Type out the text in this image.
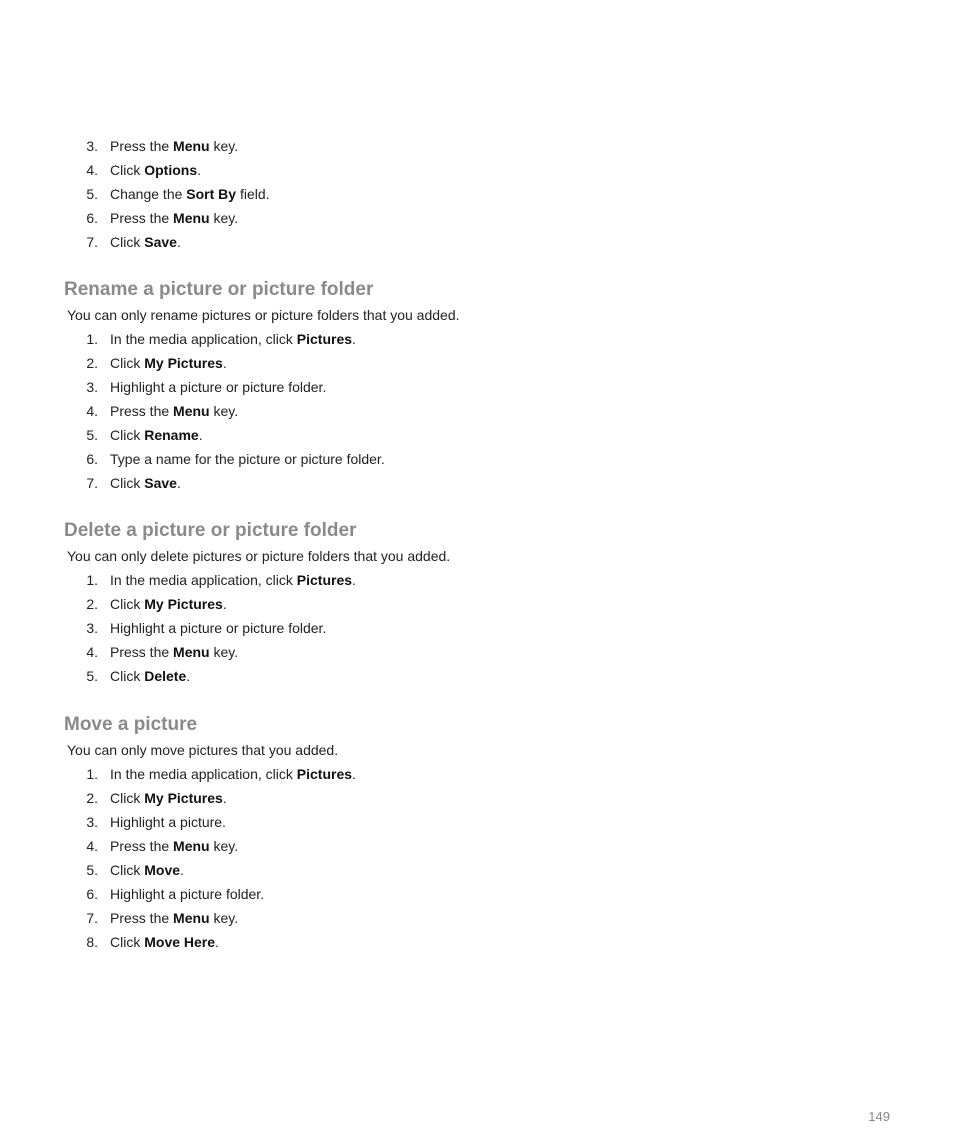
3. Press the Menu key.
4. Click Options.
5. Change the Sort By field.
6. Press the Menu key.
7. Click Save.
Rename a picture or picture folder

You can only rename pictures or picture folders that you added.

1. In the media application, click Pictures.
2. Click My Pictures.
3. Highlight a picture or picture folder.
4. Press the Menu key.
5. Click Rename.
6. Type a name for the picture or picture folder.
7. Click Save.
Delete a picture or picture folder

You can only delete pictures or picture folders that you added.

1. In the media application, click Pictures.
2. Click My Pictures.
3. Highlight a picture or picture folder.
4. Press the Menu key.
5. Click Delete.
Move a picture

You can only move pictures that you added.

1. In the media application, click Pictures.
2. Click My Pictures.
3. Highlight a picture.
4. Press the Menu key.
5. Click Move.
6. Highlight a picture folder.
7. Press the Menu key.
8. Click Move Here.
149
